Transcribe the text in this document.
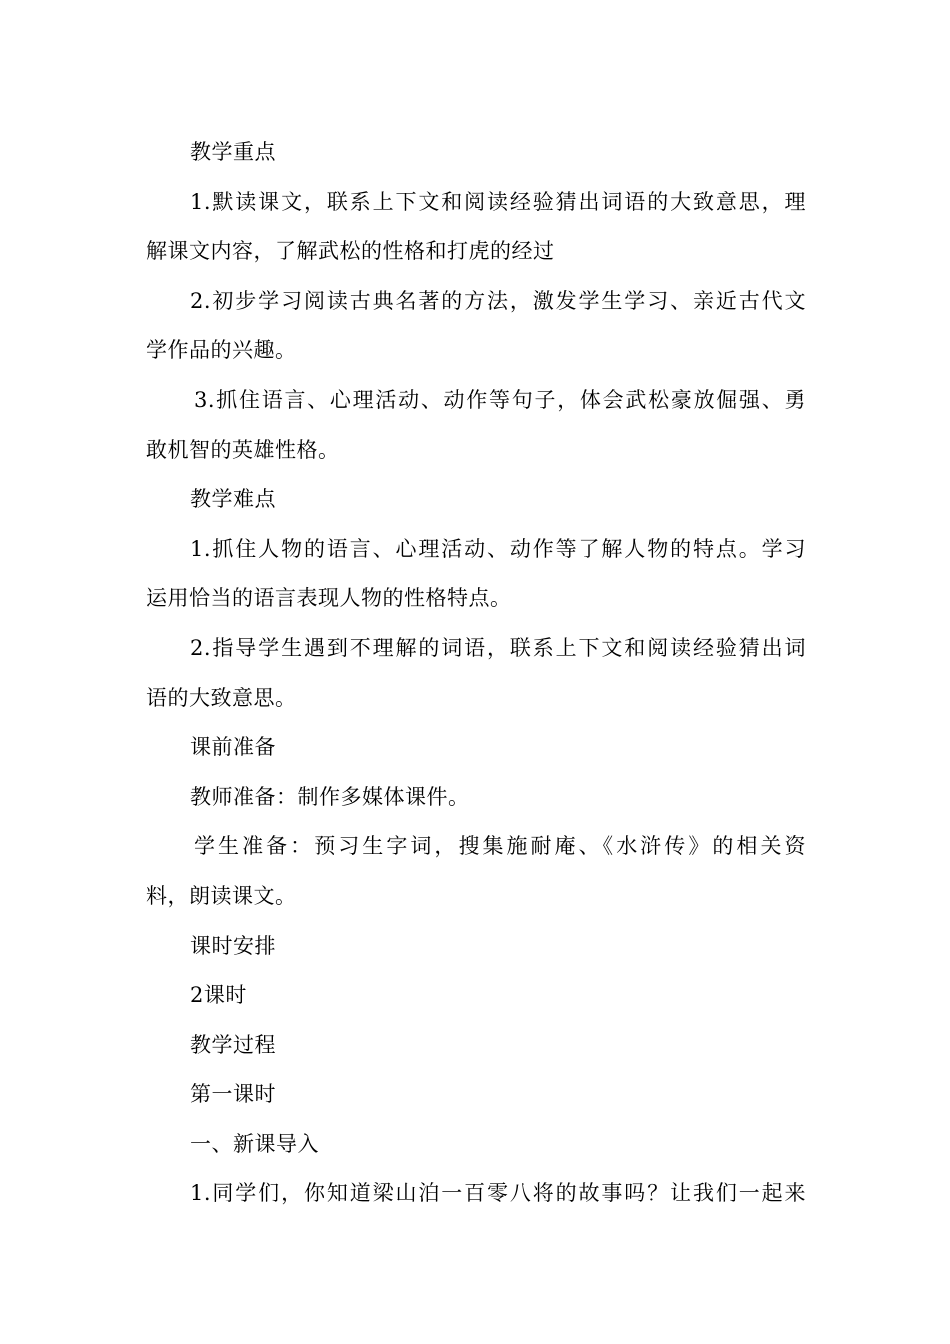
教学重点
1.默读课文，联系上下文和阅读经验猜出词语的大致意思，理
解课文内容，了解武松的性格和打虎的经过
2.初步学习阅读古典名著的方法，激发学生学习、亲近古代文
学作品的兴趣。
3.抓住语言、心理活动、动作等句子，体会武松豪放倔强、勇
敢机智的英雄性格。
教学难点
1.抓住人物的语言、心理活动、动作等了解人物的特点。学习
运用恰当的语言表现人物的性格特点。
2.指导学生遇到不理解的词语，联系上下文和阅读经验猜出词
语的大致意思。
课前准备
教师准备：制作多媒体课件。
学生准备：预习生字词，搜集施耐庵、《水浒传》的相关资
料，朗读课文。
课时安排
2课时
教学过程
第一课时
一、新课导入
1.同学们，你知道梁山泊一百零八将的故事吗？让我们一起来
